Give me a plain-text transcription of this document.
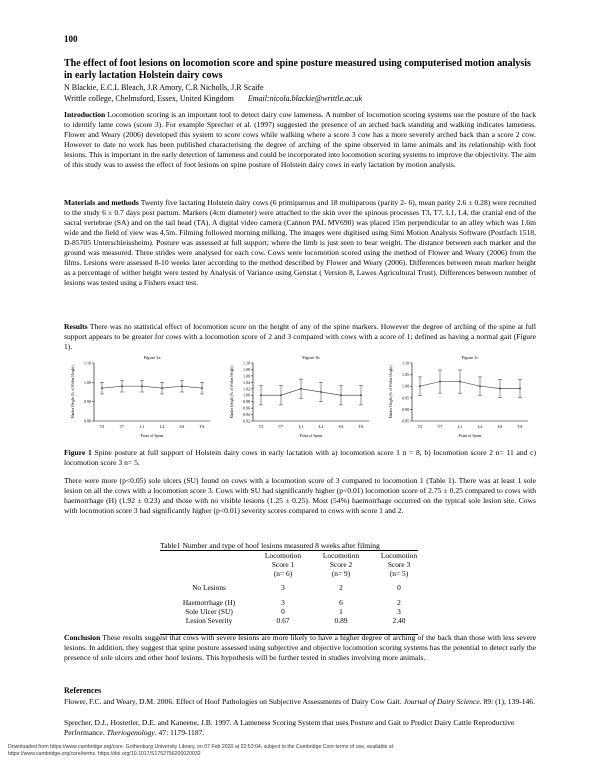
100
The effect of foot lesions on locomotion score and spine posture measured using computerised motion analysis in early lactation Holstein dairy cows
N Blackie, E.C.L Bleach, J.R Amory, C.R Nicholls, J.R Scaife
Writtle college, Chelmsford, Essex, United Kingdom Email:nicola.blackie@writtle.ac.uk
Introduction Locomotion scoring is an important tool to detect dairy cow lameness. A number of locomotion scoring systems use the posture of the back to identify lame cows (score 3). For example Sprecher et al. (1997) suggested the presence of an arched back standing and walking indicates lameness. Flower and Weary (2006) developed this system to score cows while walking where a score 3 cow has a more severely arched back than a score 2 cow. However to date no work has been published characterising the degree of arching of the spine observed in lame animals and its relationship with foot lesions. This is important in the early detection of lameness and could be incorporated into locomotion scoring systems to improve the objectivity. The aim of this study was to assess the effect of foot lesions on spine posture of Holstein dairy cows in early lactation by motion analysis.
Materials and methods Twenty five lactating Holstein dairy cows (6 primiparous and 18 multiparous (parity 2- 6), mean parity 2.6 ± 0.28) were recruited to the study 6 ± 0.7 days post partum. Markers (4cm diameter) were attached to the skin over the spinous processes T3, T7, L1, L4, the cranial end of the sacral vertebrae (SA) and on the tail head (TA). A digital video camera (Cannon PAL MV690) was placed 15m perpendicular to an alley which was 1.6m wide and the field of view was 4.5m. Filming followed morning milking. The images were digitised using Simi Motion Analysis Software (Postfach 1518, D-85705 Unterschleissheim). Posture was assessed at full support; where the limb is just seen to bear weight. The distance between each marker and the ground was measured. Three strides were analysed for each cow. Cows were locomotion scored using the method of Flower and Weary (2006) from the films. Lesions were assessed 8-10 weeks later according to the method described by Flower and Weary (2006). Differences between mean marker height as a percentage of wither height were tested by Analysis of Variance using Genstat ( Version 8, Lawes Agricultural Trust). Differences between number of lesions was tested using a Fishers exact test.
Results There was no statistical effect of locomotion score on the height of any of the spine markers. However the degree of arching of the spine at full support appears to be greater for cows with a locomotion score of 2 and 3 compared with cows with a score of 1; defined as having a normal gait (Figure 1).
Figure 1a
1.10
1.00
0.90
0.80
Marker Height (% of Wither Height)
T3	T7	L1	L4	SA	TA
Point of Spine
Figure 1b
1.10
1.08
1.06
1.04
1.02
1.00
0.98
0.96
0.94
0.92
Marker Height (% of Wither Height)
T3	T7	L1	L4	SA	TA
Point of Spine
Figure 1c
1.10
1.05
1.00
0.95
0.90
0.85
Marker Height (% of Wither Height)
T3	T7	L1	L4	SA	TA
Point of Spine
Figure 1 Spine posture at full support of Holstein dairy cows in early lactation with a) locomotion score 1 n = 8, b) locomotion score 2 n= 11 and c) locomotion score 3 n= 5.
There were more (p<0.05) sole ulcers (SU) found on cows with a locomotion score of 3 compared to locomotion 1 (Table 1). There was at least 1 sole lesion on all the cows with a locomotion score 3. Cows with SU had significantly higher (p<0.01) locomotion score of 2.75 ± 0.25 compared to cows with haemorrhage (H) (1.92 ± 0.23) and those with no visible lesions (1.25 ± 0.25). Most (54%) haemorrhage occurred on the typical sole lesion site. Cows with locomotion score 3 had significantly higher (p<0.01) severity scores compared to cows with score 1 and 2.
Table1 Number and type of hoof lesions measured 8 weeks after filming
	Locomotion
Score 1
(n= 6)	Locomotion
Score 2
(n= 9)	Locomotion
Score 3
(n= 5)

No Lesions	3	2	0

Haemorrhage (H)	3	6	2
Sole Ulcer (SU)	0	1	3
Lesion Severity	0.67	0.89	2.40
Conclusion These results suggest that cows with severe lesions are more likely to have a higher degree of arching of the back than those with less severe lesions. In addition, they suggest that spine posture assessed using subjective and objective locomotion scoring systems has the potential to detect early the presence of sole ulcers and other hoof lesions. This hypothesis will be further tested in studies involving more animals.
References
Flower, F.C. and Weary, D.M. 2006. Effect of Hoof Pathologies on Subjective Assessments of Dairy Cow Gait. Journal of Dairy Science. 89: (1), 139-146.
Sprecher, D.J., Hostetler, D.E. and Kaneene, J.B. 1997. A Lameness Scoring System that uses Posture and Gait to Predict Dairy Cattle Reproductive Performance. Theriogenology. 47: 1179-1187.
Downloaded from https://www.cambridge.org/core. Gothenburg University Library, on 07 Feb 2020 at 22:53:04, subject to the Cambridge Core terms of use, available at
https://www.cambridge.org/core/terms. https://doi.org/10.1017/S1752756200020032
